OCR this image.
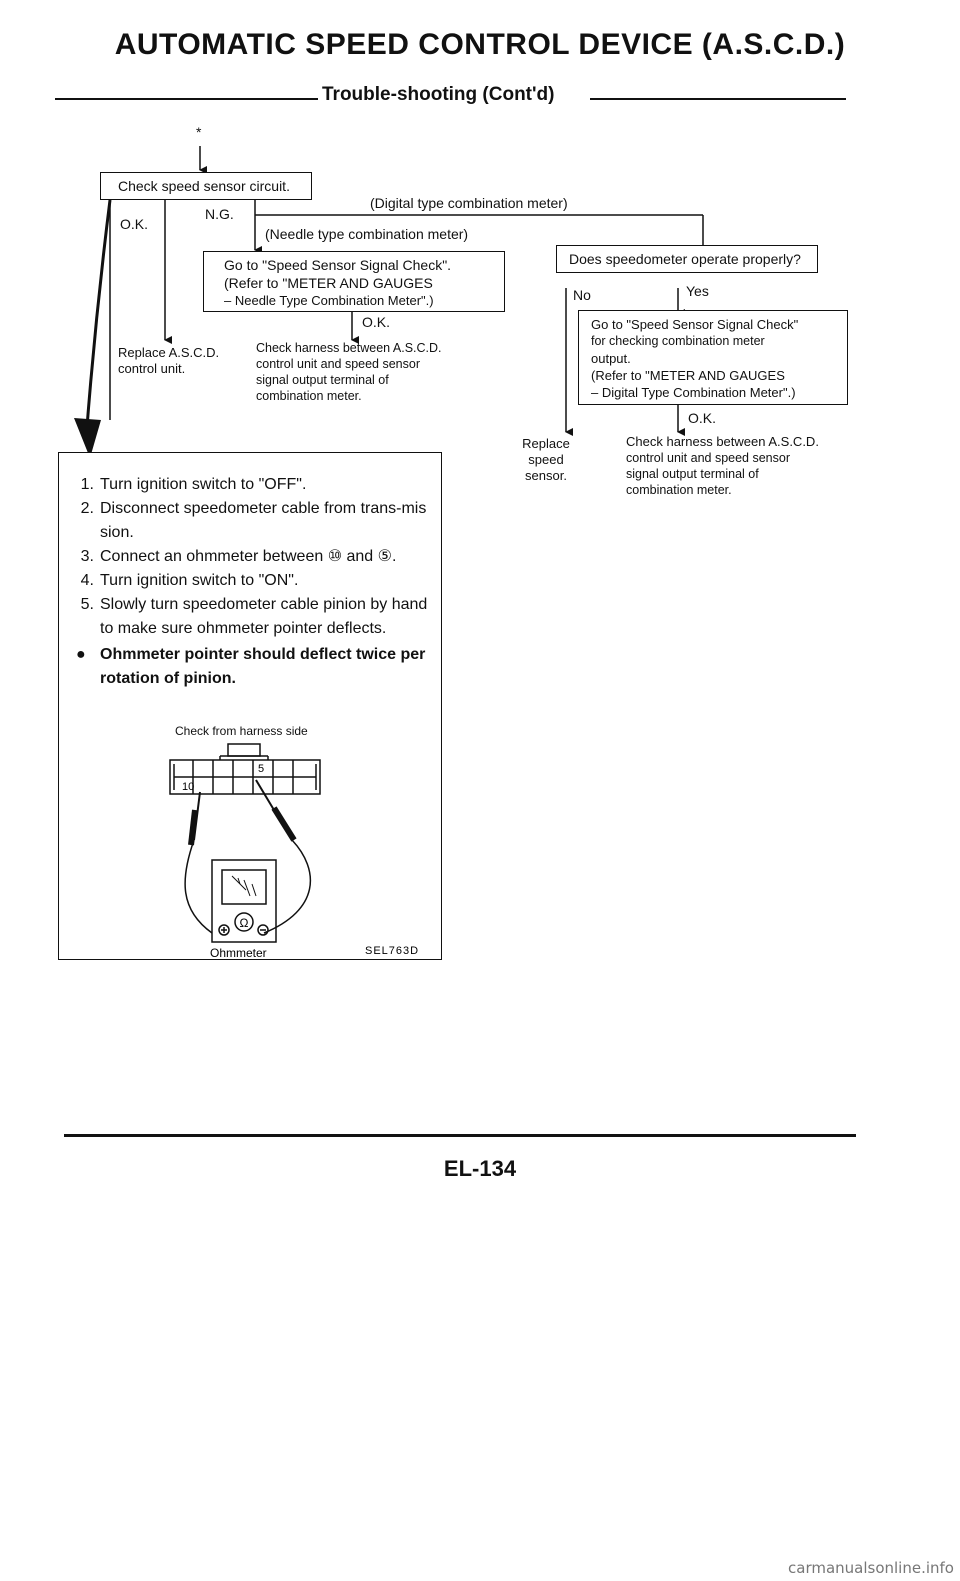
AUTOMATIC SPEED CONTROL DEVICE (A.S.C.D.)
Trouble-shooting (Cont'd)
*
Check speed sensor circuit.
O.K.
N.G.
(Digital type combination meter)
(Needle type combination meter)
Go to "Speed Sensor Signal Check".
(Refer to "METER AND GAUGES
– Needle Type Combination Meter".)
O.K.
Replace A.S.C.D.
control unit.
Check harness between A.S.C.D.
control unit and speed sensor
signal output terminal of
combination meter.
Does speedometer operate properly?
No	Yes
Go to "Speed Sensor Signal Check"
for checking combination meter
output.
(Refer to "METER AND GAUGES
– Digital Type Combination Meter".)
O.K.
Replace
speed sensor.
Check harness between A.S.C.D.
control unit and speed sensor
signal output terminal of
combination meter.
1. Turn ignition switch to "OFF".
2. Disconnect speedometer cable from trans-mission.
3. Connect an ohmmeter between ⑩ and ⑤.
4. Turn ignition switch to "ON".
5. Slowly turn speedometer cable pinion by hand to make sure ohmmeter pointer deflects.
● Ohmmeter pointer should deflect twice per rotation of pinion.
Check from harness side
Ω
10
5
Ohmmeter	SEL763D
EL-134
carmanualsonline.info
